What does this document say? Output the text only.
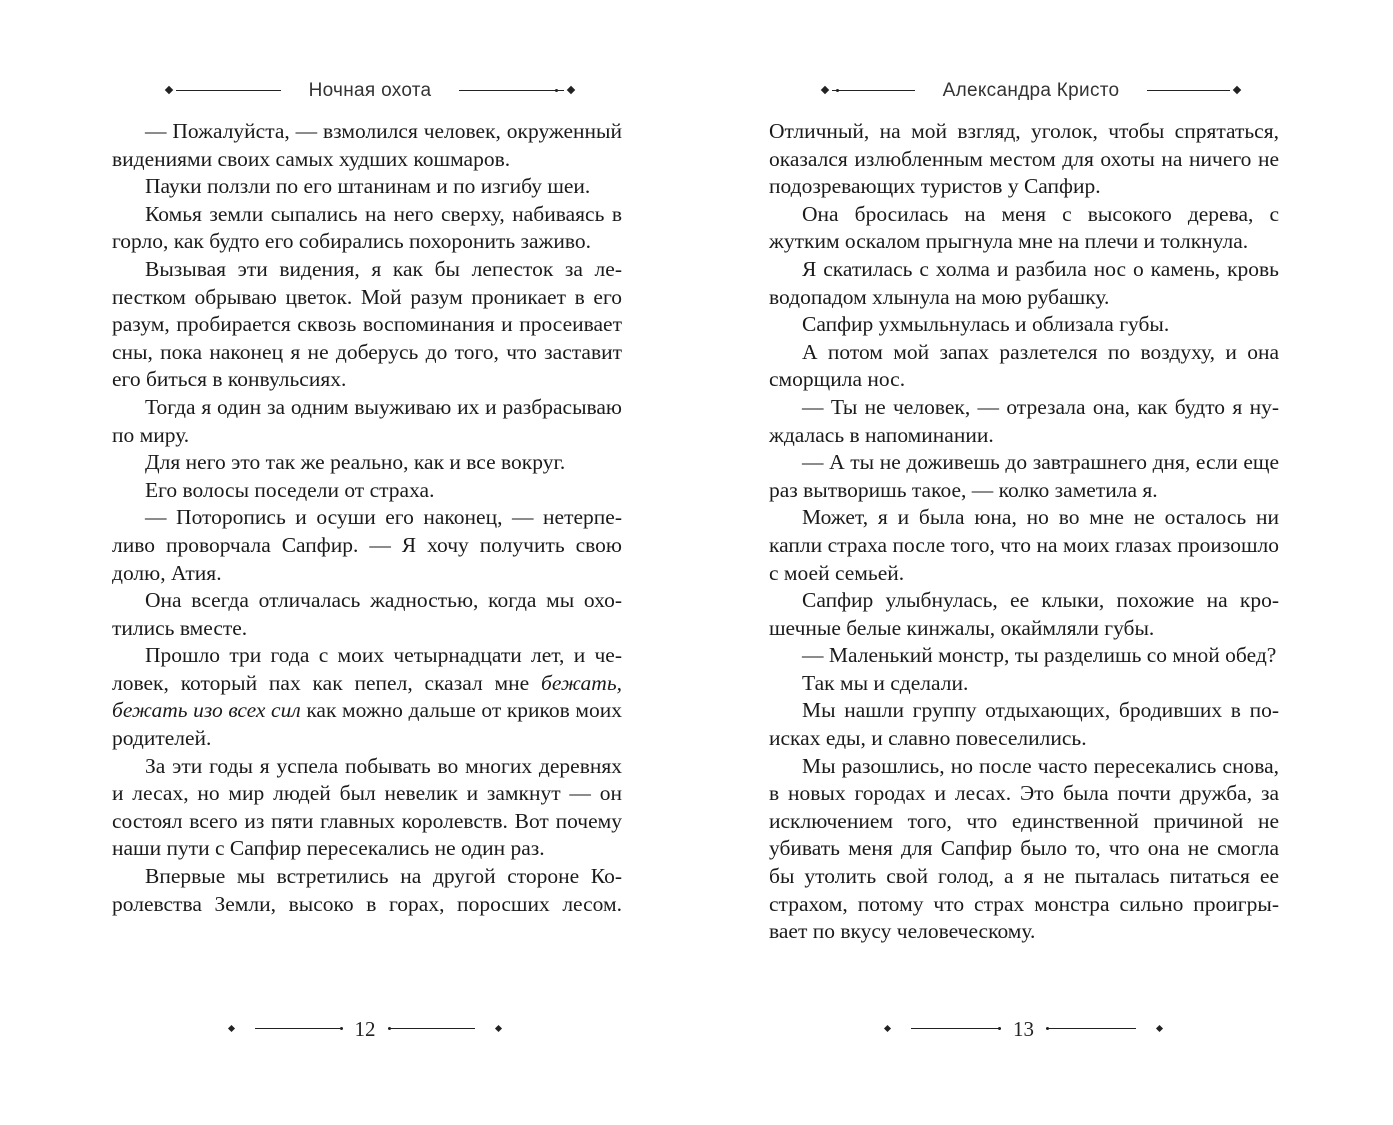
Ночная охота

— Пожалуйста, — взмолился человек, окруженный видениями своих самых худших кошмаров.

Пауки ползли по его штанинам и по изгибу шеи.

Комья земли сыпались на него сверху, набиваясь в горло, как будто его собирались похоронить заживо.

Вызывая эти видения, я как бы лепесток за лепестком обрываю цветок. Мой разум проникает в его разум, пробирается сквозь воспоминания и просеивает сны, пока наконец я не доберусь до того, что заставит его биться в конвульсиях.

Тогда я один за одним выуживаю их и разбрасываю по миру.

Для него это так же реально, как и все вокруг.

Его волосы поседели от страха.

— Поторопись и осуши его наконец, — нетерпеливо проворчала Сапфир. — Я хочу получить свою долю, Атия.

Она всегда отличалась жадностью, когда мы охотились вместе.

Прошло три года с моих четырнадцати лет, и человек, который пах как пепел, сказал мне бежать, бежать изо всех сил как можно дальше от криков моих родителей.

За эти годы я успела побывать во многих деревнях и лесах, но мир людей был невелик и замкнут — он состоял всего из пяти главных королевств. Вот почему наши пути с Сапфир пересекались не один раз.

Впервые мы встретились на другой стороне Королевства Земли, высоко в горах, поросших лесом.

12
Александра Кристо

Отличный, на мой взгляд, уголок, чтобы спрятаться, оказался излюбленным местом для охоты на ничего не подозревающих туристов у Сапфир.

Она бросилась на меня с высокого дерева, с жутким оскалом прыгнула мне на плечи и толкнула.

Я скатилась с холма и разбила нос о камень, кровь водопадом хлынула на мою рубашку.

Сапфир ухмыльнулась и облизала губы.

А потом мой запах разлетелся по воздуху, и она сморщила нос.

— Ты не человек, — отрезала она, как будто я нуждалась в напоминании.

— А ты не доживешь до завтрашнего дня, если еще раз вытворишь такое, — колко заметила я.

Может, я и была юна, но во мне не осталось ни капли страха после того, что на моих глазах произошло с моей семьей.

Сапфир улыбнулась, ее клыки, похожие на крошечные белые кинжалы, окаймляли губы.

— Маленький монстр, ты разделишь со мной обед?

Так мы и сделали.

Мы нашли группу отдыхающих, бродивших в поисках еды, и славно повеселились.

Мы разошлись, но после часто пересекались снова, в новых городах и лесах. Это была почти дружба, за исключением того, что единственной причиной не убивать меня для Сапфир было то, что она не смогла бы утолить свой голод, а я не пыталась питаться ее страхом, потому что страх монстра сильно проигрывает по вкусу человеческому.

13
